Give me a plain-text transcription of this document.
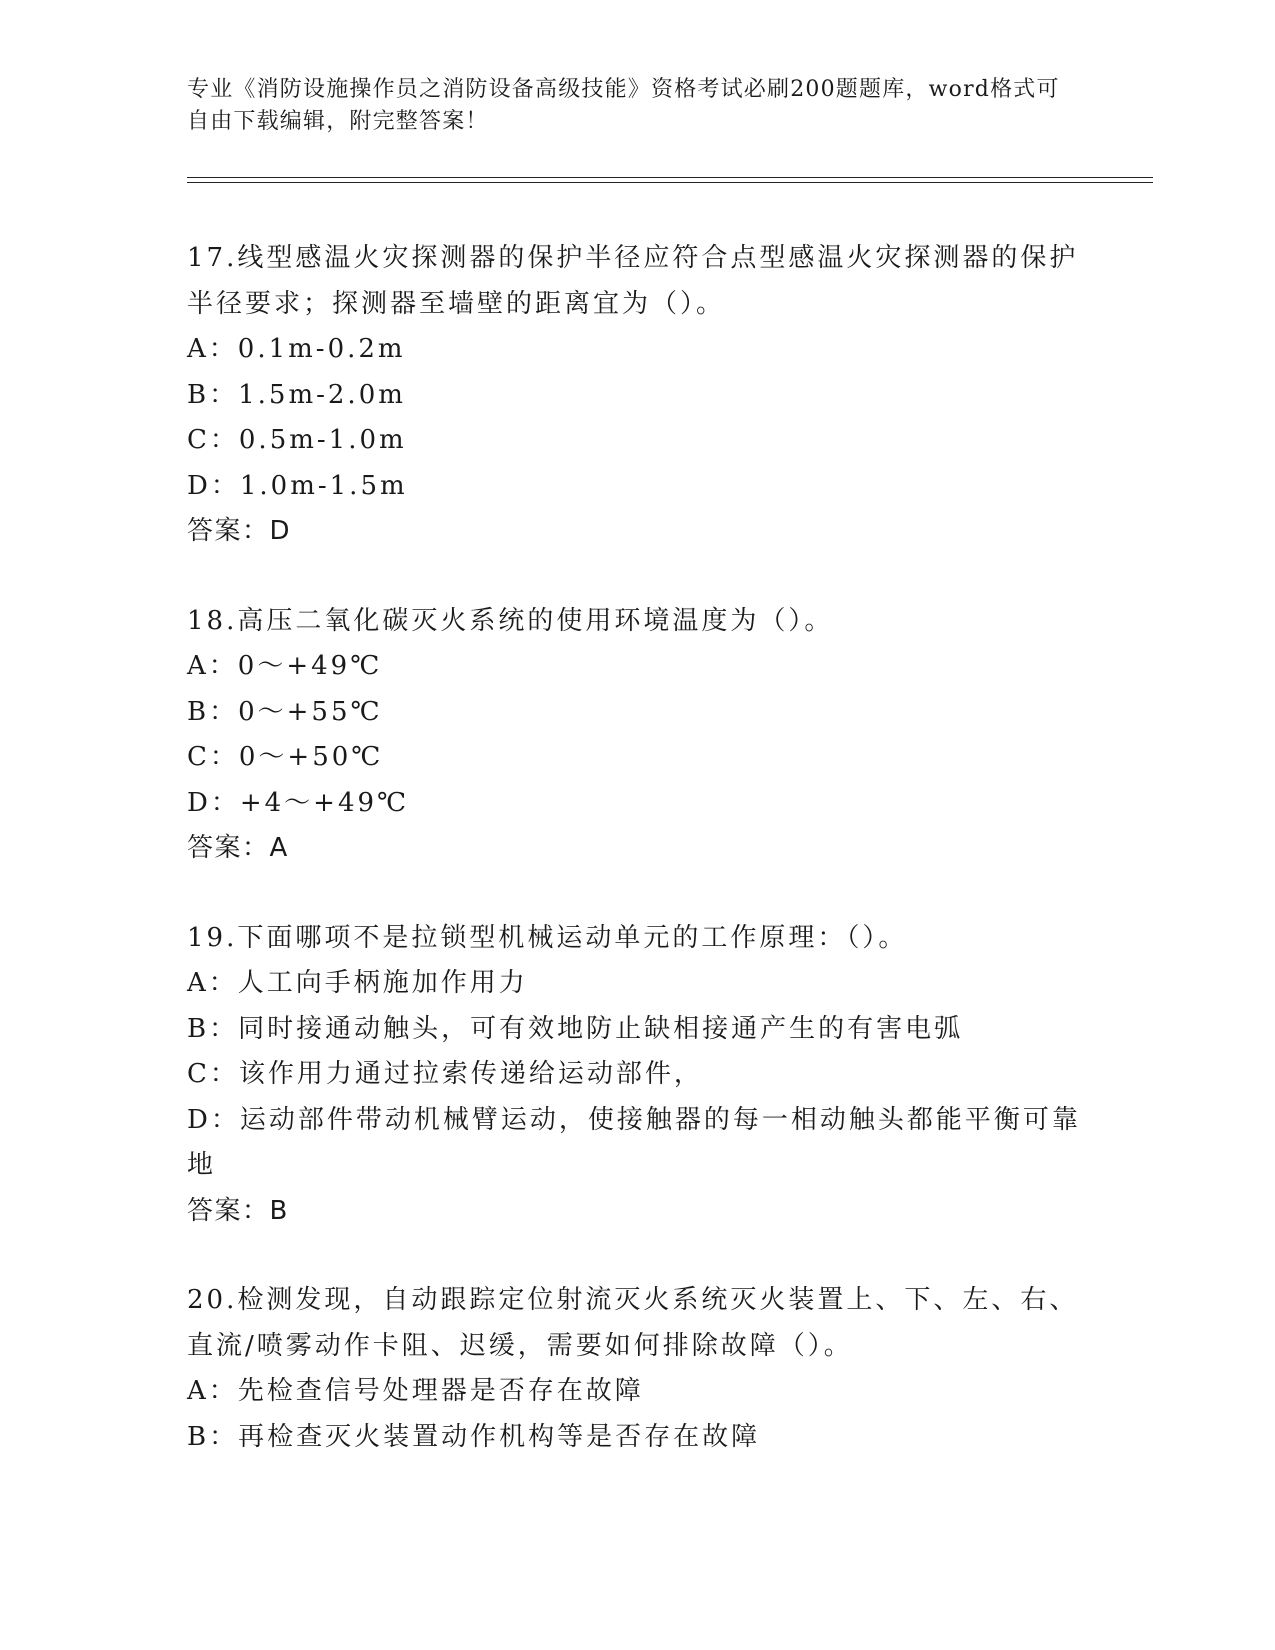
专业《消防设施操作员之消防设备高级技能》资格考试必刷200题题库，word格式可自由下载编辑，附完整答案！
17.线型感温火灾探测器的保护半径应符合点型感温火灾探测器的保护半径要求；探测器至墙壁的距离宜为（）。
A：0.1m-0.2m
B：1.5m-2.0m
C：0.5m-1.0m
D：1.0m-1.5m
答案：D
18.高压二氧化碳灭火系统的使用环境温度为（）。
A：0～+49℃
B：0～+55℃
C：0～+50℃
D：+4～+49℃
答案：A
19.下面哪项不是拉锁型机械运动单元的工作原理：（）。
A：人工向手柄施加作用力
B：同时接通动触头，可有效地防止缺相接通产生的有害电弧
C：该作用力通过拉索传递给运动部件，
D：运动部件带动机械臂运动，使接触器的每一相动触头都能平衡可靠地
答案：B
20.检测发现，自动跟踪定位射流灭火系统灭火装置上、下、左、右、直流/喷雾动作卡阻、迟缓，需要如何排除故障（）。
A：先检查信号处理器是否存在故障
B：再检查灭火装置动作机构等是否存在故障
